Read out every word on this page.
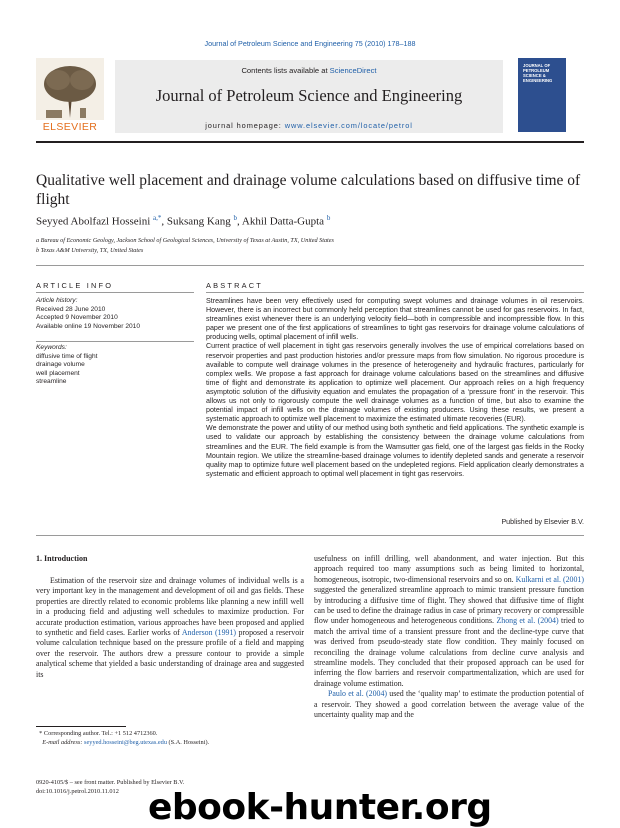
Journal of Petroleum Science and Engineering 75 (2010) 178–188
ELSEVIER
Contents lists available at ScienceDirect
Journal of Petroleum Science and Engineering
journal homepage: www.elsevier.com/locate/petrol
JOURNAL OF PETROLEUM SCIENCE & ENGINEERING
Qualitative well placement and drainage volume calculations based on diffusive time of flight
Seyyed Abolfazl Hosseini $^{a,*}$, Suksang Kang $^b$, Akhil Datta-Gupta $^b$
a Bureau of Economic Geology, Jackson School of Geological Sciences, University of Texas at Austin, TX, United States
b Texas A&M University, TX, United States
ARTICLE INFO	ABSTRACT
Article history:
Received 28 June 2010
Accepted 9 November 2010
Available online 19 November 2010
Keywords:
diffusive time of flight
drainage volume
well placement
streamline

Streamlines have been very effectively used for computing swept volumes and drainage volumes in oil reservoirs. However, there is an incorrect but commonly held perception that streamlines cannot be used for gas reservoirs. In fact, streamlines exist whenever there is an underlying velocity field—both in compressible and incompressible flow. In this paper we present one of the first applications of streamlines to tight gas reservoirs for drainage volume calculations of producing wells, optimal placement of infill wells.

Current practice of well placement in tight gas reservoirs generally involves the use of empirical correlations based on reservoir properties and past production histories and/or pressure maps from flow simulation. No rigorous procedure is available to compute well drainage volumes in the presence of heterogeneity and hydraulic fractures, particularly for complex wells. We propose a fast approach for drainage volume calculations based on the streamlines and diffusive time of flight and demonstrate its application to optimize well placement. Our approach relies on a high frequency asymptotic solution of the diffusivity equation and emulates the propagation of a ‘pressure front’ in the reservoir. This allows us not only to rigorously compute the well drainage volumes as a function of time, but also to examine the potential impact of infill wells on the drainage volumes of existing producers. Using these results, we present a systematic approach to optimize well placement to maximize the estimated ultimate recoveries (EUR).

We demonstrate the power and utility of our method using both synthetic and field applications. The synthetic example is used to validate our approach by establishing the consistency between the drainage volume calculations from streamlines and the EUR. The field example is from the Wamsutter gas field, one of the largest gas fields in the Rocky Mountain region. We utilize the streamline-based drainage volumes to identify depleted sands and generate a reservoir quality map to optimize future well placement based on the undepleted regions. Field application clearly demonstrates a systematic and efficient approach to optimal well placement in tight gas reservoirs.

Published by Elsevier B.V.
1. Introduction

Estimation of the reservoir size and drainage volumes of individual wells is a very important key in the management and development of oil and gas fields. These properties are directly related to economic problems like planning a new infill well in a producing field and adjusting well schedules to maximize production. For accurate production estimation, various approaches have been proposed and applied to synthetic and field cases. Earlier works of Anderson (1991) proposed a reservoir volume calculation technique based on the pressure profile of a field and mapping over the reservoir. The authors drew a pressure contour to provide a simple analytical scheme that yielded a basic understanding of drainage area and suggested its

usefulness on infill drilling, well abandonment, and water injection. But this approach required too many assumptions such as being limited to horizontal, homogeneous, isotropic, two-dimensional reservoirs and so on. Kulkarni et al. (2001) suggested the generalized streamline approach to mimic transient pressure function by introducing a diffusive time of flight. They showed that diffusive time of flight can be used to define the drainage radius in case of primary recovery or compressible flow under homogeneous and heterogeneous conditions. Zhong et al. (2004) tried to match the arrival time of a transient pressure front and the decline-type curve that was derived from pseudo-steady state flow condition. They mainly focused on reconciling the drainage volume calculations from decline curve analysis and streamline models. They concluded that their proposed approach can be used for inferring the flow barriers and reservoir compartmentalization, which are used for drainage volume estimation.

Paulo et al. (2004) used the ‘quality map’ to estimate the production potential of a reservoir. They showed a good correlation between the average value of the uncertainty quality map and the

* Corresponding author. Tel.: +1 512 4712360.
E-mail address: seyyed.hosseini@beg.utexas.edu (S.A. Hosseini).
0920-4105/$ – see front matter. Published by Elsevier B.V.
doi:10.1016/j.petrol.2010.11.012 ebook-hunter.org
